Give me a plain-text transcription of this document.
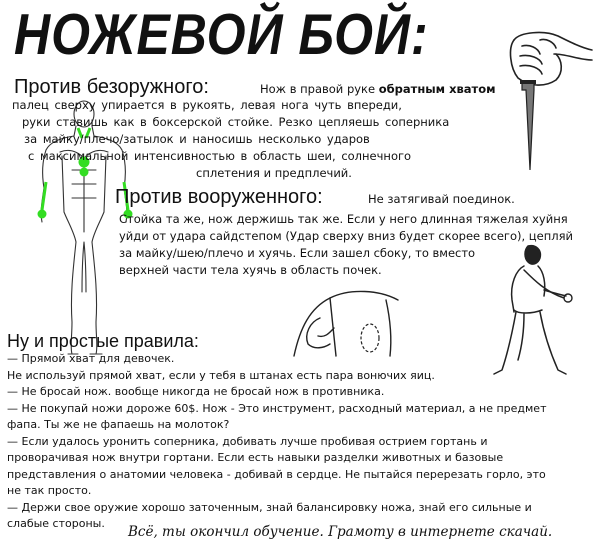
НОЖЕВОЙ БОЙ:
Против безоружного:	Нож в правой руке обратным хватом
палец сверху упирается в рукоять, левая нога чуть впереди,
руки ставишь как в боксерской стойке. Резко цепляешь соперника
за майку/плечо/затылок и наносишь несколько ударов
с максимальной интенсивностью в область шеи, солнечного
сплетения и предплечий.
Против вооруженного:	Не затягивай поединок.
Стойка та же, нож держишь так же. Если у него длинная тяжелая хуйня
уйди от удара сайдстепом (Удар сверху вниз будет скорее всего), цепляй
за майку/шею/плечо и хуячь. Если зашел сбоку, то вместо
верхней части тела хуячь в область почек.
Ну и простые правила:
— Прямой хват для девочек.
Не используй прямой хват, если у тебя в штанах есть пара вонючих яиц.
— Не бросай нож. вообще никогда не бросай нож в противника.
— Не покупай ножи дороже 60$. Нож - Это инструмент, расходный материал, а не предмет
фапа. Ты же не фапаешь на молоток?
— Если удалось уронить соперника, добивать лучше пробивая острием гортань и
проворачивая нож внутри гортани. Если есть навыки разделки животных и базовые
представления о анатомии человека - добивай в сердце. Не пытайся перерезать горло, это
не так просто.
— Держи свое оружие хорошо заточенным, знай балансировку ножа, знай его сильные и
слабые стороны.
Всё, ты окончил обучение. Грамоту в интернете скачай.
